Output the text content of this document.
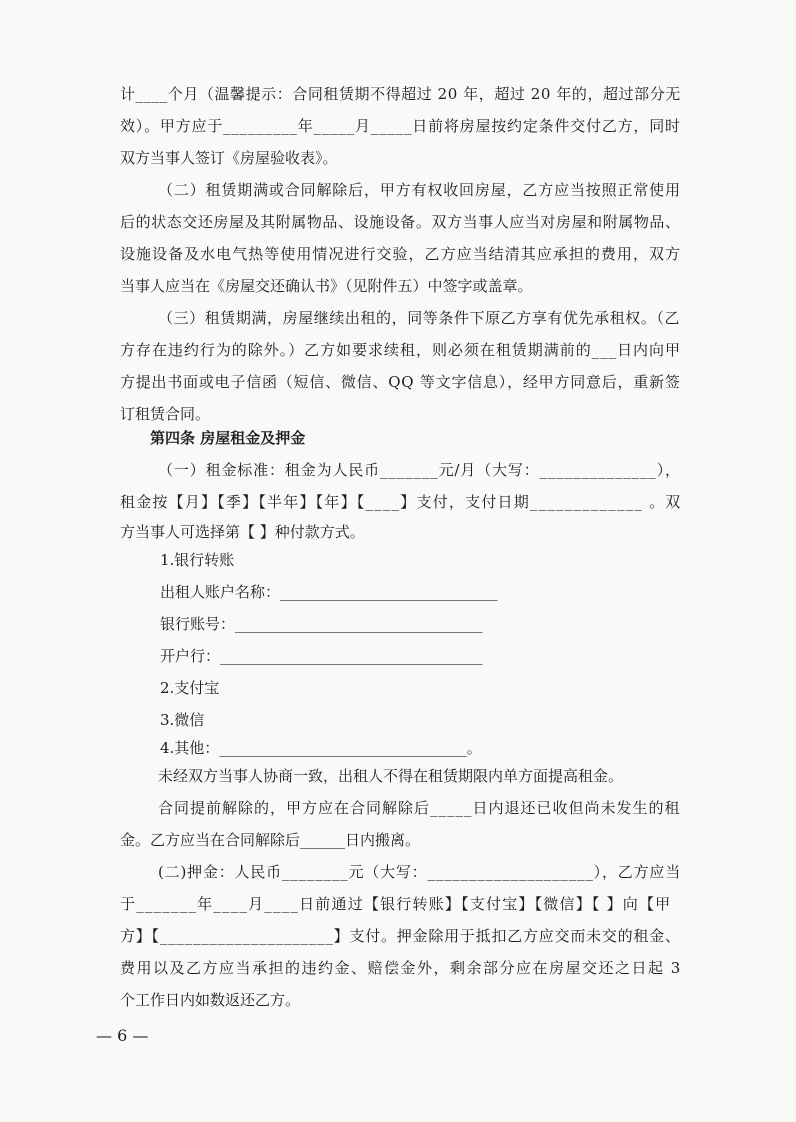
计____个月（温馨提示：合同租赁期不得超过 20 年，超过 20 年的，超过部分无
效）。甲方应于_________年_____月_____日前将房屋按约定条件交付乙方，同时
双方当事人签订《房屋验收表》。
（二）租赁期满或合同解除后，甲方有权收回房屋，乙方应当按照正常使用
后的状态交还房屋及其附属物品、设施设备。双方当事人应当对房屋和附属物品、
设施设备及水电气热等使用情况进行交验，乙方应当结清其应承担的费用，双方
当事人应当在《房屋交还确认书》（见附件五）中签字或盖章。
（三）租赁期满，房屋继续出租的，同等条件下原乙方享有优先承租权。（乙
方存在违约行为的除外。）乙方如要求续租，则必须在租赁期满前的___日内向甲
方提出书面或电子信函（短信、微信、QQ 等文字信息），经甲方同意后，重新签
订租赁合同。
第四条 房屋租金及押金
（一）租金标准：租金为人民币_______元/月（大写：______________），
租金按【月】【季】【半年】【年】【____】支付，支付日期_____________ 。双
方当事人可选择第【 】种付款方式。
1.银行转账
出租人账户名称：_____________________________
银行账号：_________________________________
开户行：___________________________________
2.支付宝
3.微信
4.其他：_________________________________。
未经双方当事人协商一致，出租人不得在租赁期限内单方面提高租金。
合同提前解除的，甲方应在合同解除后_____日内退还已收但尚未发生的租
金。乙方应当在合同解除后______日内搬离。
(二)押金：人民币________元（大写：____________________），乙方应当
于_______年____月____日前通过【银行转账】【支付宝】【微信】【 】向【甲
方】【_____________________】支付。押金除用于抵扣乙方应交而未交的租金、
费用以及乙方应当承担的违约金、赔偿金外，剩余部分应在房屋交还之日起 3
个工作日内如数返还乙方。
— 6 —
